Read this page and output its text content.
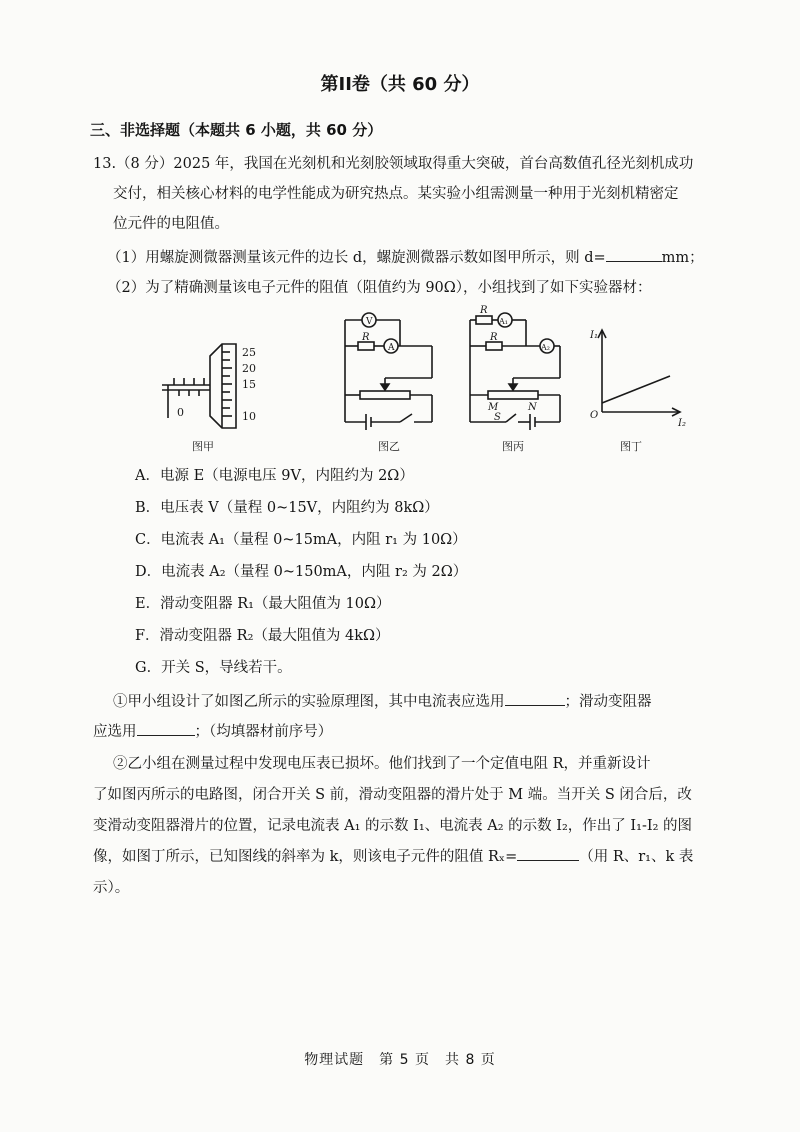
第II卷（共 60 分）
三、非选择题（本题共 6 小题，共 60 分）
13.（8 分）2025 年，我国在光刻机和光刻胶领域取得重大突破，首台高数值孔径光刻机成功
交付，相关核心材料的电学性能成为研究热点。某实验小组需测量一种用于光刻机精密定
位元件的电阻值。
（1）用螺旋测微器测量该元件的边长 d，螺旋测微器示数如图甲所示，则 d=	mm；
（2）为了精确测量该电子元件的阻值（阻值约为 90Ω），小组找到了如下实验器材：
25
20
15
10
0
V
R
A
R
A₁
R
A₂
M	N
S
I₁
I₂
O
图甲	图乙	图丙	图丁
A．电源 E（电源电压 9V，内阻约为 2Ω）
B．电压表 V（量程 0~15V，内阻约为 8kΩ）
C．电流表 A₁（量程 0~15mA，内阻 r₁ 为 10Ω）
D．电流表 A₂（量程 0~150mA，内阻 r₂ 为 2Ω）
E．滑动变阻器 R₁（最大阻值为 10Ω）
F．滑动变阻器 R₂（最大阻值为 4kΩ）
G．开关 S，导线若干。
①甲小组设计了如图乙所示的实验原理图，其中电流表应选用	；滑动变阻器
应选用	；（均填器材前序号）
②乙小组在测量过程中发现电压表已损坏。他们找到了一个定值电阻 R，并重新设计
了如图丙所示的电路图，闭合开关 S 前，滑动变阻器的滑片处于 M 端。当开关 S 闭合后，改
变滑动变阻器滑片的位置，记录电流表 A₁ 的示数 I₁、电流表 A₂ 的示数 I₂，作出了 I₁-I₂ 的图
像，如图丁所示，已知图线的斜率为 k，则该电子元件的阻值 Rₓ=	（用 R、r₁、k 表
示）。
物理试题　第 5 页　共 8 页
